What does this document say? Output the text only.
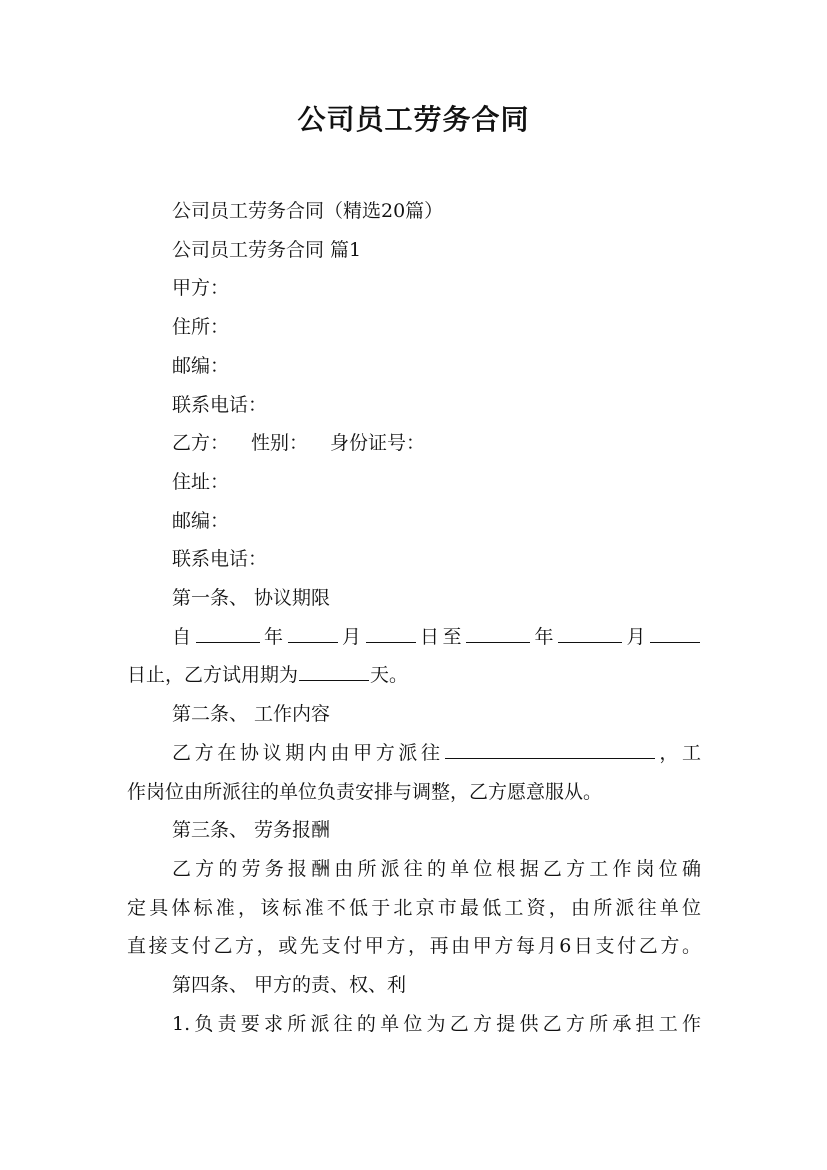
公司员工劳务合同

公司员工劳务合同（精选20篇）

公司员工劳务合同 篇1

甲方：

住所：

邮编：

联系电话：

乙方： 性别： 身份证号：

住址：

邮编：

联系电话：

第一条、 协议期限

自	年	月	日至	年	月

日止，乙方试用期为	天。

第二条、 工作内容

乙方在协议期内由甲方派往	，工

作岗位由所派往的单位负责安排与调整，乙方愿意服从。

第三条、 劳务报酬

乙方的劳务报酬由所派往的单位根据乙方工作岗位确

定具体标准，该标准不低于北京市最低工资，由所派往单位

直接支付乙方，或先支付甲方，再由甲方每月6日支付乙方。

第四条、 甲方的责、权、利

1.负责要求所派往的单位为乙方提供乙方所承担工作
